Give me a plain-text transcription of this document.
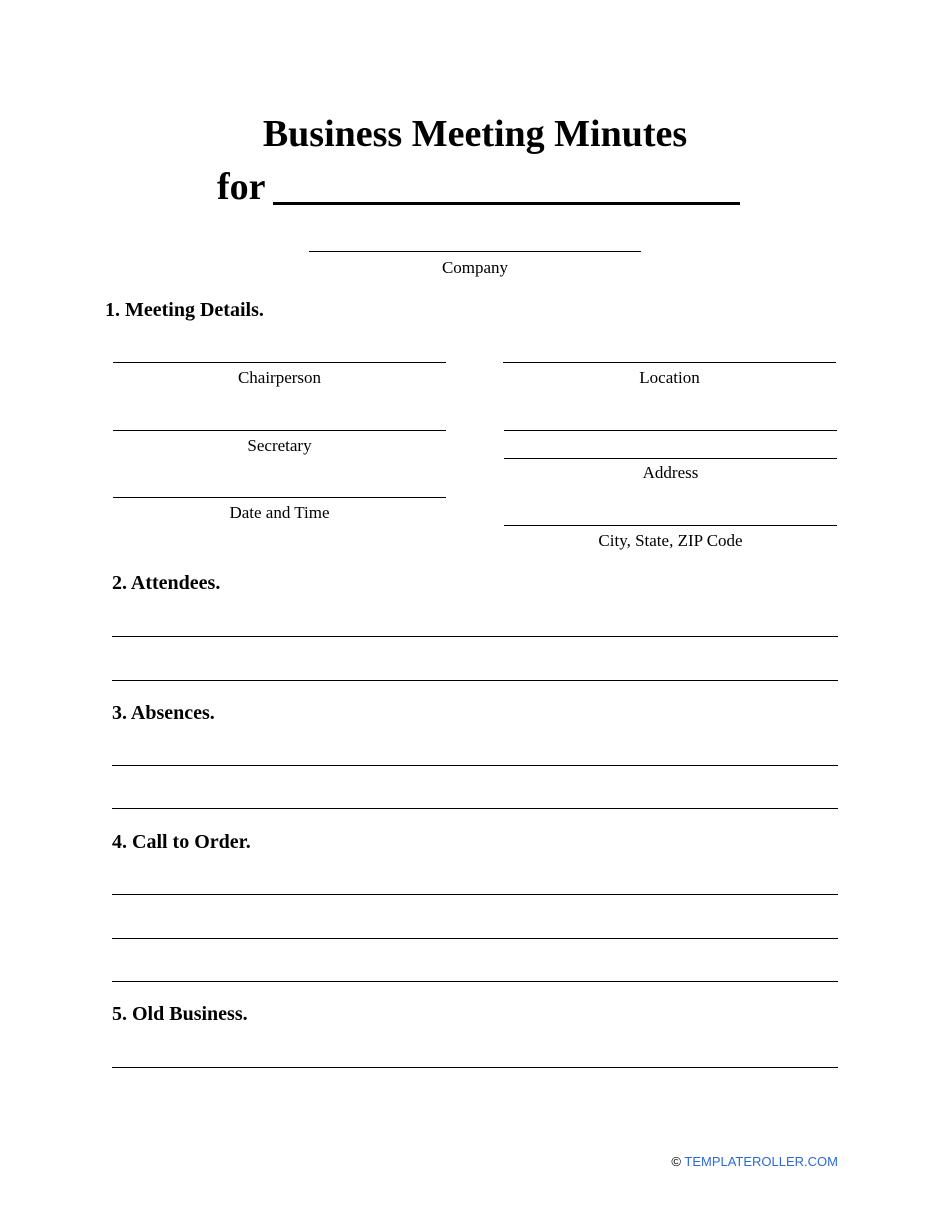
Business Meeting Minutes
for
Company
1. Meeting Details.
Chairperson
Secretary
Date and Time
Location
Address
City, State, ZIP Code
2. Attendees.
3. Absences.
4. Call to Order.
5. Old Business.
© TEMPLATEROLLER.COM
